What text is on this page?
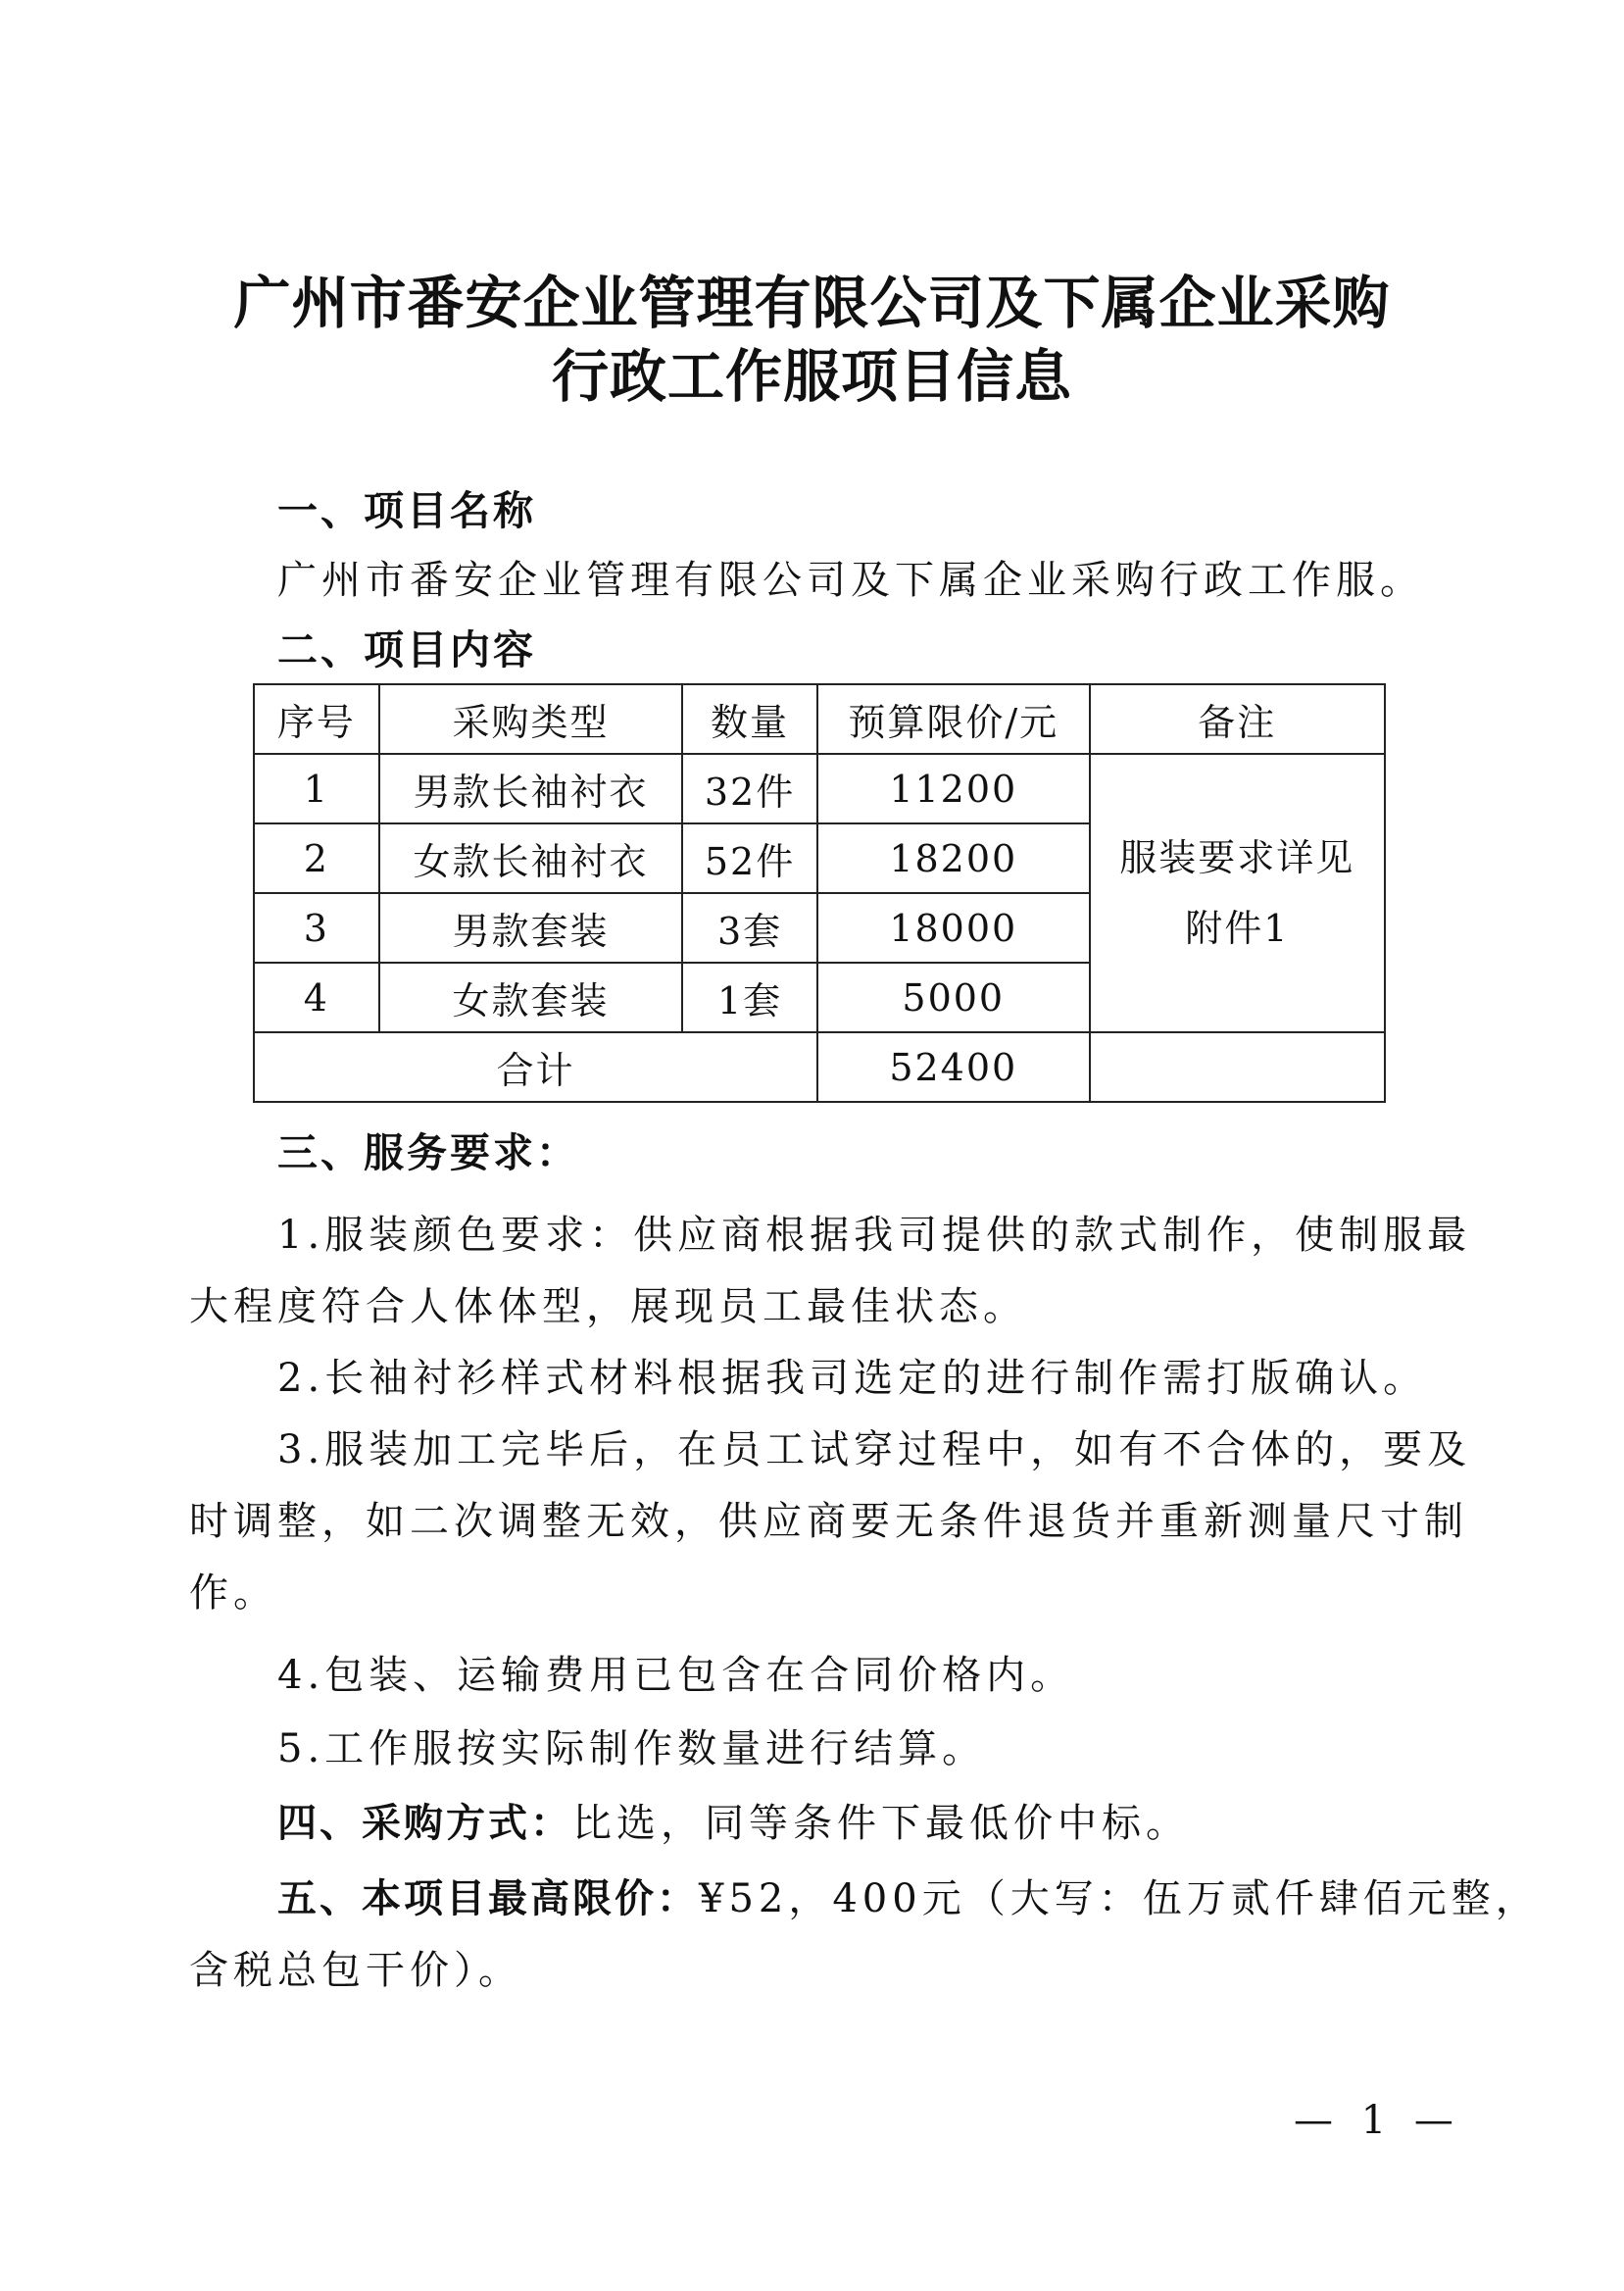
广州市番安企业管理有限公司及下属企业采购
行政工作服项目信息
一、项目名称
广州市番安企业管理有限公司及下属企业采购行政工作服。
二、项目内容
序号	采购类型	数量	预算限价/元	备注
1	男款长袖衬衣	32件	11200	服装要求详见
附件1
2	女款长袖衬衣	52件	18200	
3	男款套装	3套	18000	
4	女款套装	1套	5000	
合计			52400	
三、服务要求：
1.服装颜色要求：供应商根据我司提供的款式制作，使制服最
大程度符合人体体型，展现员工最佳状态。
2.长袖衬衫样式材料根据我司选定的进行制作需打版确认。
3.服装加工完毕后，在员工试穿过程中，如有不合体的，要及
时调整，如二次调整无效，供应商要无条件退货并重新测量尺寸制
作。
4.包装、运输费用已包含在合同价格内。
5.工作服按实际制作数量进行结算。
四、采购方式：比选，同等条件下最低价中标。
五、本项目最高限价：¥52，400元（大写：伍万贰仟肆佰元整，
含税总包干价）。
— 1 —
